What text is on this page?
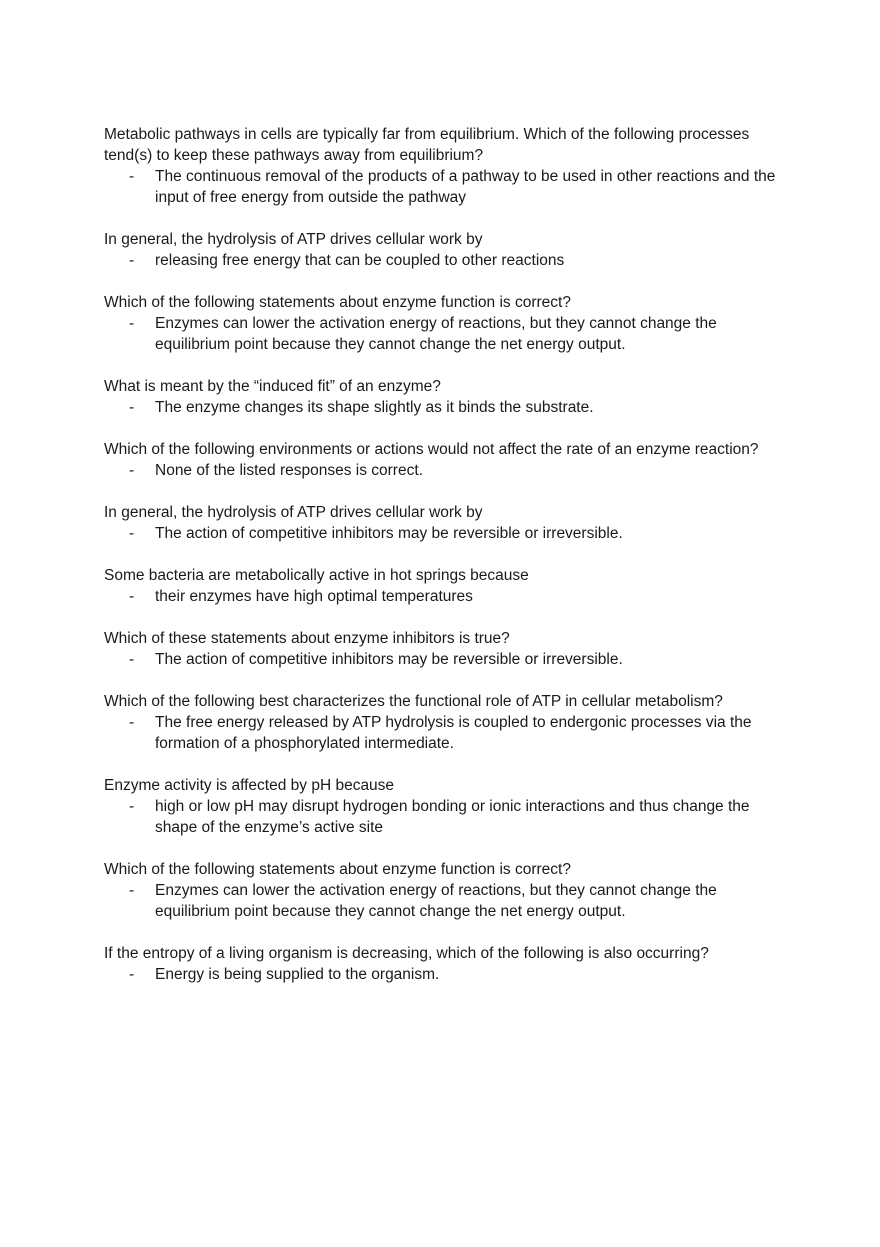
Metabolic pathways in cells are typically far from equilibrium. Which of the following processes tend(s) to keep these pathways away from equilibrium?

- The continuous removal of the products of a pathway to be used in other reactions and the input of free energy from outside the pathway

In general, the hydrolysis of ATP drives cellular work by

- releasing free energy that can be coupled to other reactions

Which of the following statements about enzyme function is correct?

- Enzymes can lower the activation energy of reactions, but they cannot change the equilibrium point because they cannot change the net energy output.

What is meant by the “induced fit” of an enzyme?

- The enzyme changes its shape slightly as it binds the substrate.

Which of the following environments or actions would not affect the rate of an enzyme reaction?

- None of the listed responses is correct.

In general, the hydrolysis of ATP drives cellular work by

- The action of competitive inhibitors may be reversible or irreversible.

Some bacteria are metabolically active in hot springs because

- their enzymes have high optimal temperatures

Which of these statements about enzyme inhibitors is true?

- The action of competitive inhibitors may be reversible or irreversible.

Which of the following best characterizes the functional role of ATP in cellular metabolism?

- The free energy released by ATP hydrolysis is coupled to endergonic processes via the formation of a phosphorylated intermediate.

Enzyme activity is affected by pH because

- high or low pH may disrupt hydrogen bonding or ionic interactions and thus change the shape of the enzyme’s active site

Which of the following statements about enzyme function is correct?

- Enzymes can lower the activation energy of reactions, but they cannot change the equilibrium point because they cannot change the net energy output.

If the entropy of a living organism is decreasing, which of the following is also occurring?

- Energy is being supplied to the organism.
